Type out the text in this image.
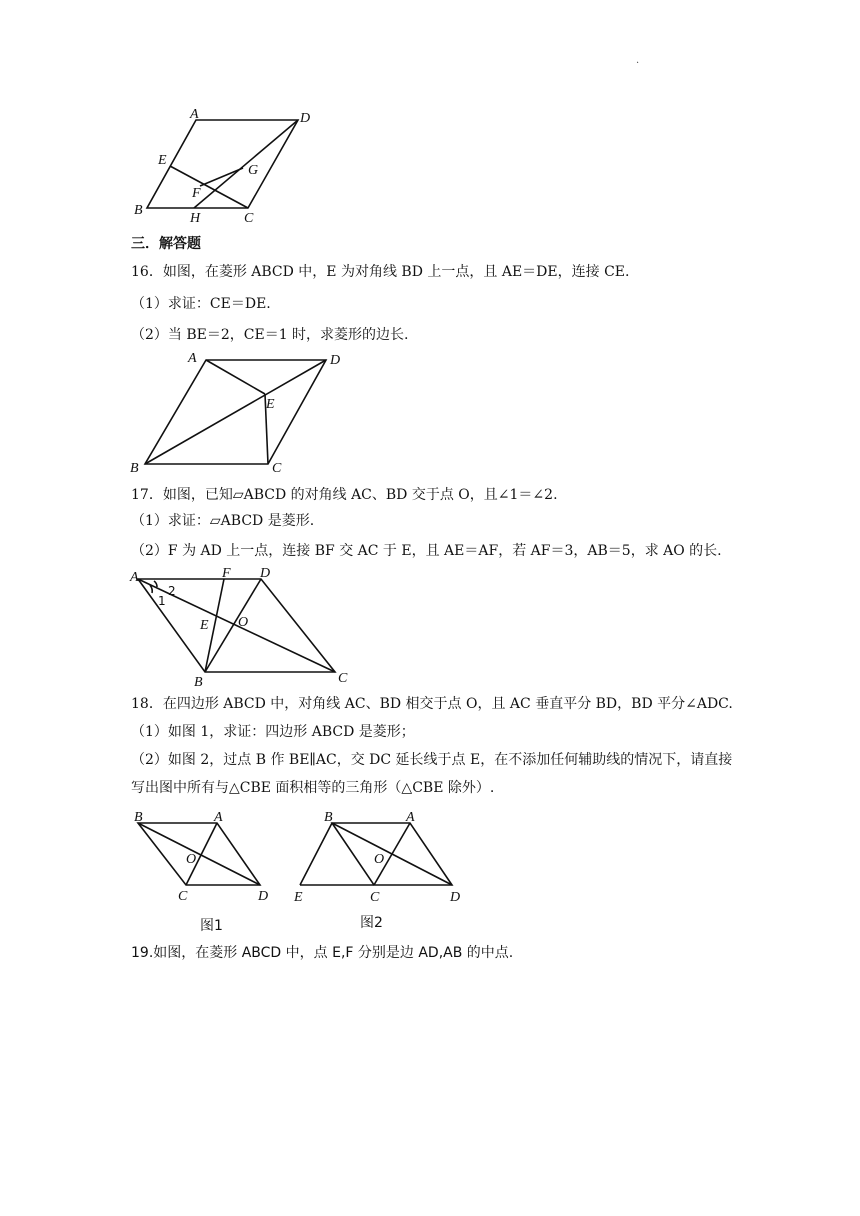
·
A	D
E
G
F
B
H	C
三．解答题
16．如图，在菱形 ABCD 中，E 为对角线 BD 上一点，且 AE＝DE，连接 CE.
（1）求证：CE＝DE.
（2）当 BE＝2，CE＝1 时，求菱形的边长.
A	D
E
B	C
17．如图，已知▱ABCD 的对角线 AC、BD 交于点 O，且∠1＝∠2.
（1）求证：▱ABCD 是菱形.
（2）F 为 AD 上一点，连接 BF 交 AC 于 E，且 AE＝AF，若 AF＝3，AB＝5，求 AO 的长.
A	F D
2
1
E O
B	C
18．在四边形 ABCD 中，对角线 AC、BD 相交于点 O，且 AC 垂直平分 BD，BD 平分∠ADC.
（1）如图 1，求证：四边形 ABCD 是菱形；
（2）如图 2，过点 B 作 BE∥AC，交 DC 延长线于点 E，在不添加任何辅助线的情况下，请直接
写出图中所有与△CBE 面积相等的三角形（△CBE 除外）.
B	A
O
C	D
图1
B	A
O
E	C	D
图2
19.如图，在菱形 ABCD 中，点 E,F 分别是边 AD,AB 的中点.
